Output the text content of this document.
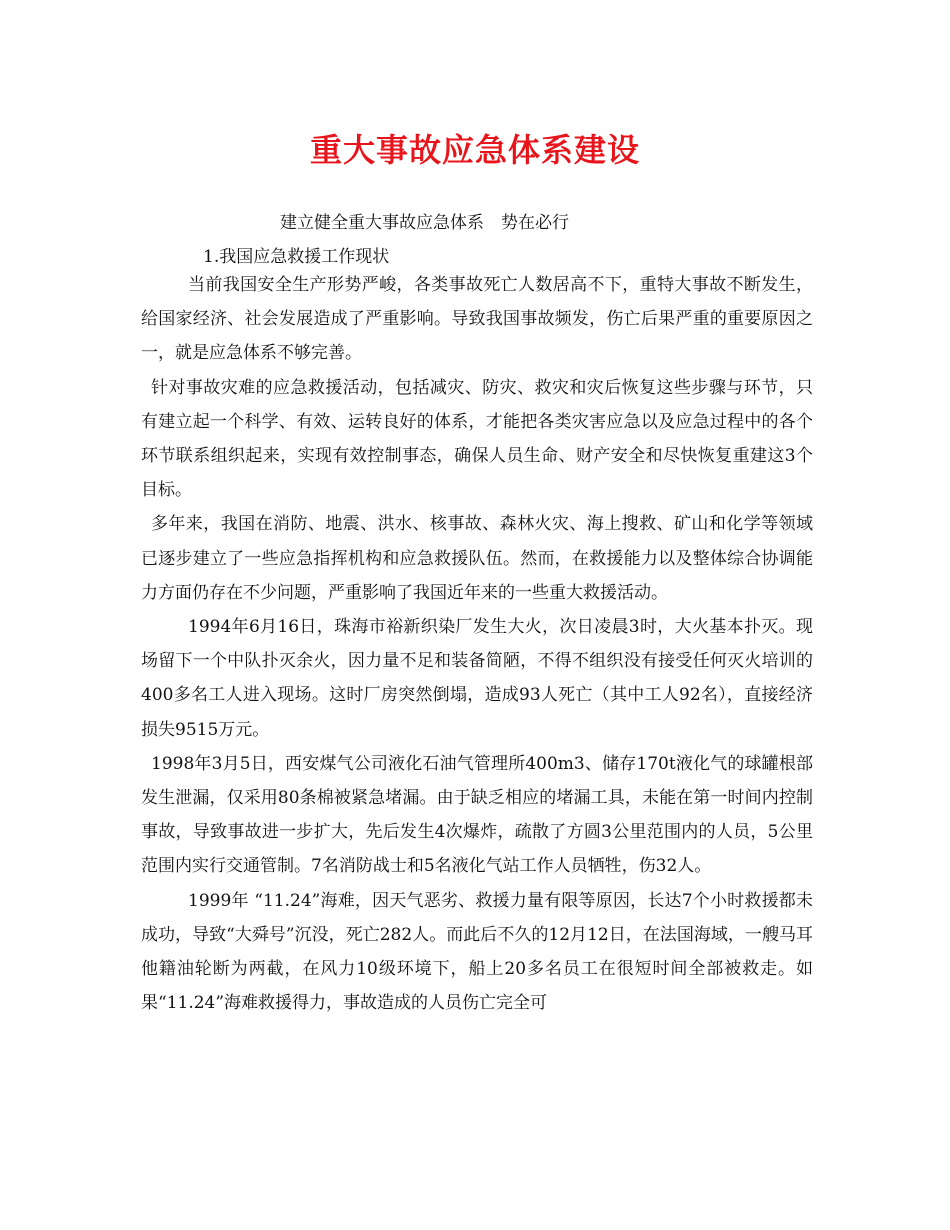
重大事故应急体系建设

建立健全重大事故应急体系　势在必行

1.我国应急救援工作现状

当前我国安全生产形势严峻，各类事故死亡人数居高不下，重特大事故不断发生，给国家经济、社会发展造成了严重影响。导致我国事故频发，伤亡后果严重的重要原因之一，就是应急体系不够完善。

针对事故灾难的应急救援活动，包括减灾、防灾、救灾和灾后恢复这些步骤与环节，只有建立起一个科学、有效、运转良好的体系，才能把各类灾害应急以及应急过程中的各个环节联系组织起来，实现有效控制事态，确保人员生命、财产安全和尽快恢复重建这3个目标。

多年来，我国在消防、地震、洪水、核事故、森林火灾、海上搜救、矿山和化学等领域已逐步建立了一些应急指挥机构和应急救援队伍。然而，在救援能力以及整体综合协调能力方面仍存在不少问题，严重影响了我国近年来的一些重大救援活动。

1994年6月16日，珠海市裕新织染厂发生大火，次日凌晨3时，大火基本扑灭。现场留下一个中队扑灭余火，因力量不足和装备简陋，不得不组织没有接受任何灭火培训的400多名工人进入现场。这时厂房突然倒塌，造成93人死亡（其中工人92名），直接经济损失9515万元。

1998年3月5日，西安煤气公司液化石油气管理所400m3、储存170t液化气的球罐根部发生泄漏，仅采用80条棉被紧急堵漏。由于缺乏相应的堵漏工具，未能在第一时间内控制事故，导致事故进一步扩大，先后发生4次爆炸，疏散了方圆3公里范围内的人员，5公里范围内实行交通管制。7名消防战士和5名液化气站工作人员牺牲，伤32人。

1999年 “11.24”海难，因天气恶劣、救援力量有限等原因，长达7个小时救援都未成功，导致“大舜号”沉没，死亡282人。而此后不久的12月12日，在法国海域，一艘马耳他籍油轮断为两截，在风力10级环境下，船上20多名员工在很短时间全部被救走。如果“11.24”海难救援得力，事故造成的人员伤亡完全可
